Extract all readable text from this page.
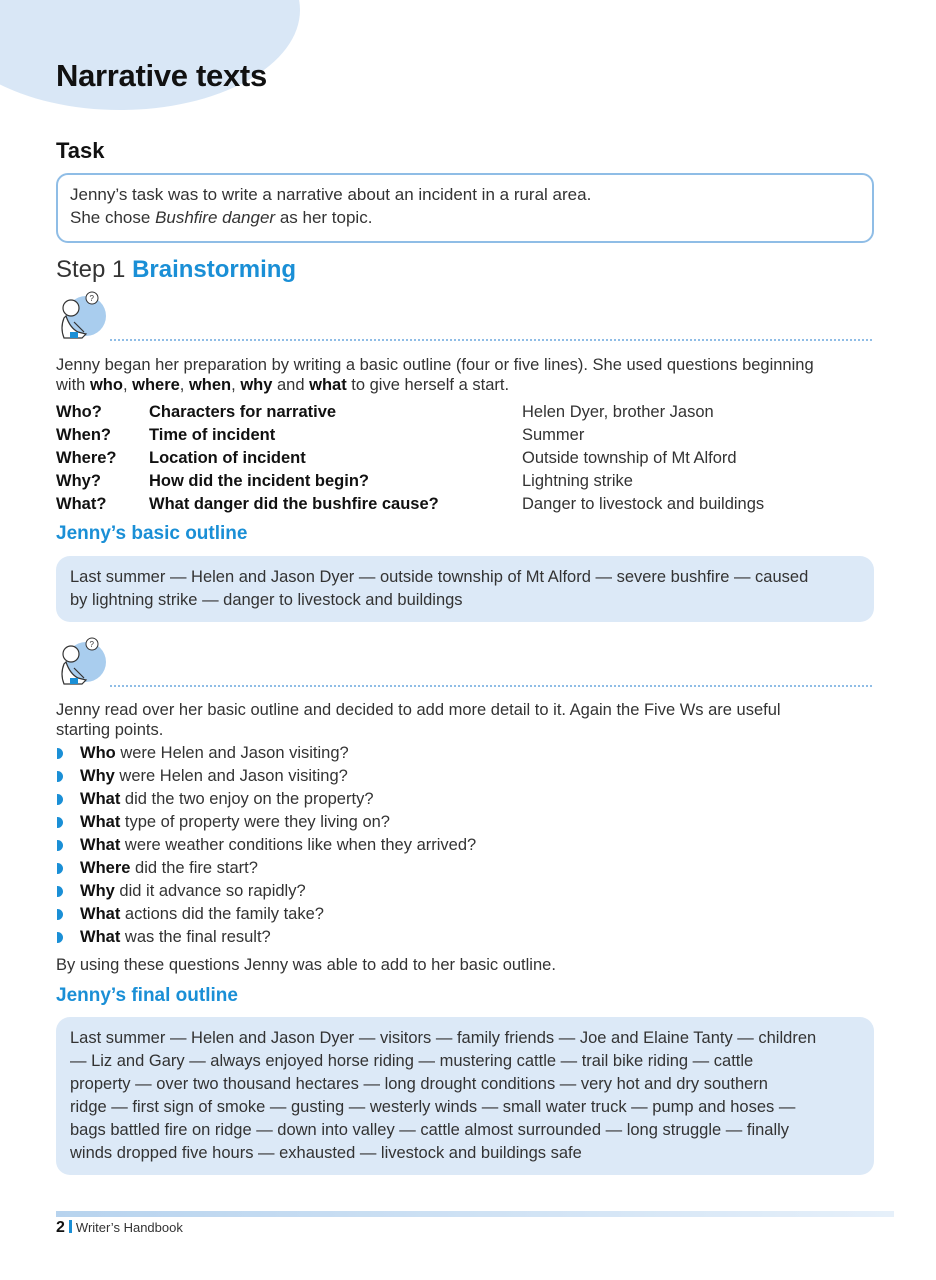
Narrative texts
Task
Jenny’s task was to write a narrative about an incident in a rural area.
She chose Bushfire danger as her topic.
Step 1 Brainstorming
?

Jenny began her preparation by writing a basic outline (four or five lines). She used questions beginning
with who, where, when, why and what to give herself a start.

Who?	Characters for narrative	Helen Dyer, brother Jason
When? Time of incident	Summer
Where? Location of incident	Outside township of Mt Alford
Why?	How did the incident begin?	Lightning strike
What?	What danger did the bushfire cause?	Danger to livestock and buildings
Jenny’s basic outline
Last summer — Helen and Jason Dyer — outside township of Mt Alford — severe bushfire — caused
by lightning strike — danger to livestock and buildings
?

Jenny read over her basic outline and decided to add more detail to it. Again the Five Ws are useful
starting points.

Who were Helen and Jason visiting?
Why were Helen and Jason visiting?
What did the two enjoy on the property?
What type of property were they living on?
What were weather conditions like when they arrived?
Where did the fire start?
Why did it advance so rapidly?
What actions did the family take?
What was the final result?

By using these questions Jenny was able to add to her basic outline.

Jenny’s final outline
Last summer — Helen and Jason Dyer — visitors — family friends — Joe and Elaine Tanty — children
— Liz and Gary — always enjoyed horse riding — mustering cattle — trail bike riding — cattle
property — over two thousand hectares — long drought conditions — very hot and dry southern
ridge — first sign of smoke — gusting — westerly winds — small water truck — pump and hoses —
bags battled fire on ridge — down into valley — cattle almost surrounded — long struggle — finally
winds dropped five hours — exhausted — livestock and buildings safe
2 Writer’s Handbook
